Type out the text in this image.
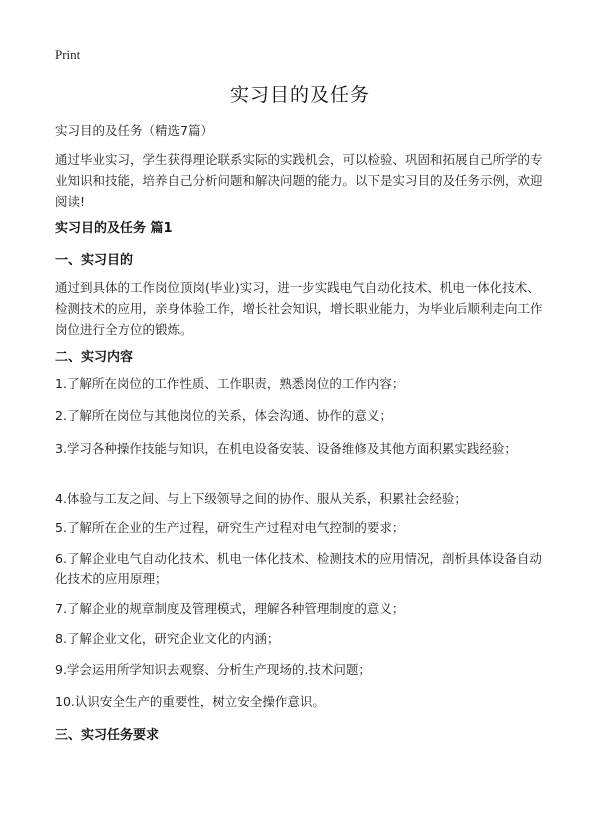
Print
实习目的及任务
实习目的及任务（精选7篇）

通过毕业实习，学生获得理论联系实际的实践机会，可以检验、巩固和拓展自己所学的专业知识和技能，培养自己分析问题和解决问题的能力。以下是实习目的及任务示例，欢迎阅读!

实习目的及任务 篇1
一、实习目的

通过到具体的工作岗位顶岗(毕业)实习，进一步实践电气自动化技术、机电一体化技术、检测技术的应用，亲身体验工作，增长社会知识，增长职业能力，为毕业后顺利走向工作岗位进行全方位的锻炼。

二、实习内容
1.了解所在岗位的工作性质、工作职责，熟悉岗位的工作内容；
2.了解所在岗位与其他岗位的关系，体会沟通、协作的意义；
3.学习各种操作技能与知识，在机电设备安装、设备维修及其他方面积累实践经验；
4.体验与工友之间、与上下级领导之间的协作、服从关系，积累社会经验；
5.了解所在企业的生产过程，研究生产过程对电气控制的要求；
6.了解企业电气自动化技术、机电一体化技术、检测技术的应用情况，剖析具体设备自动化技术的应用原理；
7.了解企业的规章制度及管理模式，理解各种管理制度的意义；
8.了解企业文化，研究企业文化的内涵；
9.学会运用所学知识去观察、分析生产现场的.技术问题；
10.认识安全生产的重要性，树立安全操作意识。
三、实习任务要求
